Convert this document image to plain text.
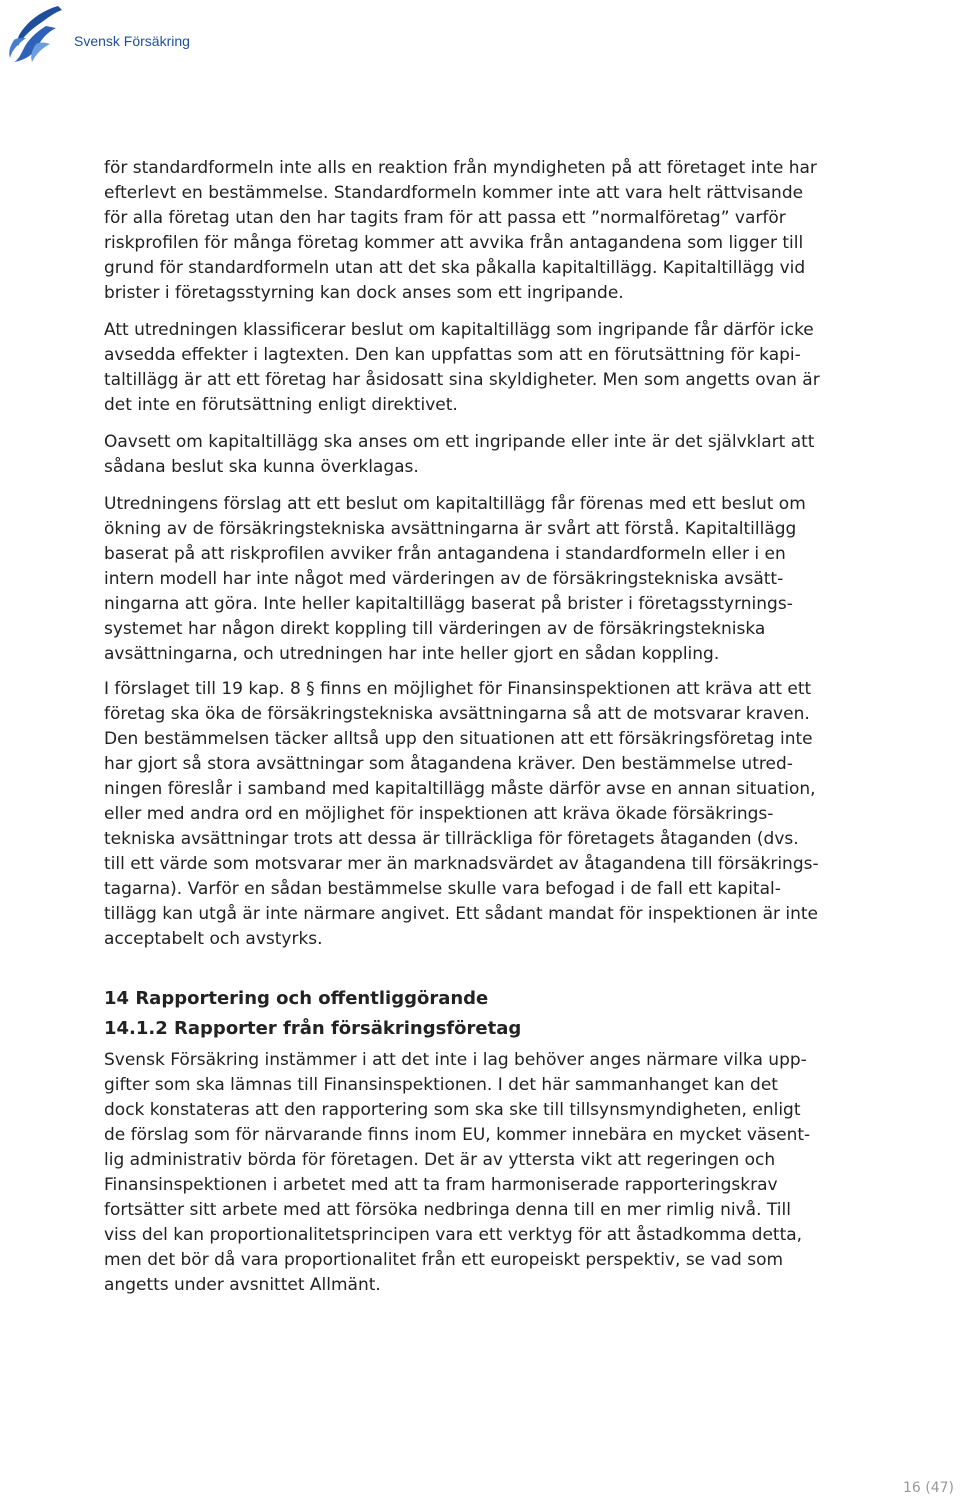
Svensk Försäkring

för standardformeln inte alls en reaktion från myndigheten på att företaget inte har
efterlevt en bestämmelse. Standardformeln kommer inte att vara helt rättvisande
för alla företag utan den har tagits fram för att passa ett ”normalföretag” varför
riskprofilen för många företag kommer att avvika från antagandena som ligger till
grund för standardformeln utan att det ska påkalla kapitaltillägg. Kapitaltillägg vid
brister i företagsstyrning kan dock anses som ett ingripande.

Att utredningen klassificerar beslut om kapitaltillägg som ingripande får därför icke
avsedda effekter i lagtexten. Den kan uppfattas som att en förutsättning för kapi-
taltillägg är att ett företag har åsidosatt sina skyldigheter. Men som angetts ovan är
det inte en förutsättning enligt direktivet.

Oavsett om kapitaltillägg ska anses om ett ingripande eller inte är det självklart att
sådana beslut ska kunna överklagas.

Utredningens förslag att ett beslut om kapitaltillägg får förenas med ett beslut om
ökning av de försäkringstekniska avsättningarna är svårt att förstå. Kapitaltillägg
baserat på att riskprofilen avviker från antagandena i standardformeln eller i en
intern modell har inte något med värderingen av de försäkringstekniska avsätt-
ningarna att göra. Inte heller kapitaltillägg baserat på brister i företagsstyrnings-
systemet har någon direkt koppling till värderingen av de försäkringstekniska
avsättningarna, och utredningen har inte heller gjort en sådan koppling.

I förslaget till 19 kap. 8 § finns en möjlighet för Finansinspektionen att kräva att ett
företag ska öka de försäkringstekniska avsättningarna så att de motsvarar kraven.
Den bestämmelsen täcker alltså upp den situationen att ett försäkringsföretag inte
har gjort så stora avsättningar som åtagandena kräver. Den bestämmelse utred-
ningen föreslår i samband med kapitaltillägg måste därför avse en annan situation,
eller med andra ord en möjlighet för inspektionen att kräva ökade försäkrings-
tekniska avsättningar trots att dessa är tillräckliga för företagets åtaganden (dvs.
till ett värde som motsvarar mer än marknadsvärdet av åtagandena till försäkrings-
tagarna). Varför en sådan bestämmelse skulle vara befogad i de fall ett kapital-
tillägg kan utgå är inte närmare angivet. Ett sådant mandat för inspektionen är inte
acceptabelt och avstyrks.

14 Rapportering och offentliggörande
14.1.2 Rapporter från försäkringsföretag

Svensk Försäkring instämmer i att det inte i lag behöver anges närmare vilka upp-
gifter som ska lämnas till Finansinspektionen. I det här sammanhanget kan det
dock konstateras att den rapportering som ska ske till tillsynsmyndigheten, enligt
de förslag som för närvarande finns inom EU, kommer innebära en mycket väsent-
lig administrativ börda för företagen. Det är av yttersta vikt att regeringen och
Finansinspektionen i arbetet med att ta fram harmoniserade rapporteringskrav
fortsätter sitt arbete med att försöka nedbringa denna till en mer rimlig nivå. Till
viss del kan proportionalitetsprincipen vara ett verktyg för att åstadkomma detta,
men det bör då vara proportionalitet från ett europeiskt perspektiv, se vad som
angetts under avsnittet Allmänt.

16 (47)
